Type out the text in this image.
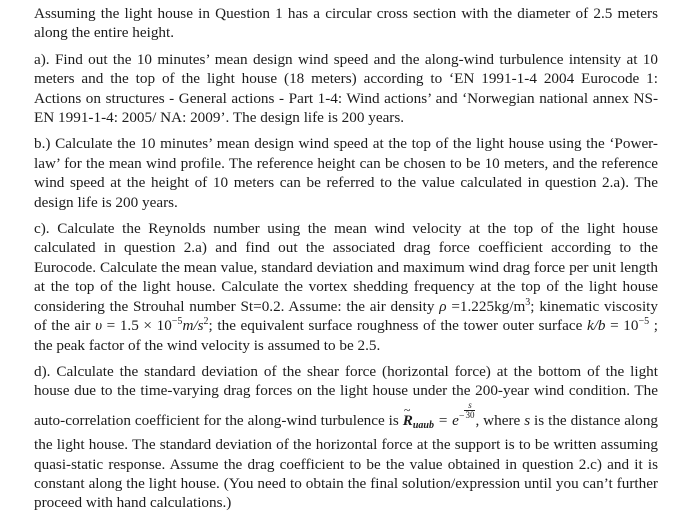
Assuming the light house in Question 1 has a circular cross section with the diameter of 2.5 meters along the entire height.

a). Find out the 10 minutes’ mean design wind speed and the along-wind turbulence intensity at 10 meters and the top of the light house (18 meters) according to ‘EN 1991-1-4 2004 Eurocode 1: Actions on structures - General actions - Part 1-4: Wind actions’ and ‘Norwegian national annex NS-EN 1991-1-4: 2005/ NA: 2009’. The design life is 200 years.

b.) Calculate the 10 minutes’ mean design wind speed at the top of the light house using the ‘Power-law’ for the mean wind profile. The reference height can be chosen to be 10 meters, and the reference wind speed at the height of 10 meters can be referred to the value calculated in question 2.a). The design life is 200 years.

c). Calculate the Reynolds number using the mean wind velocity at the top of the light house calculated in question 2.a) and find out the associated drag force coefficient according to the Eurocode. Calculate the mean value, standard deviation and maximum wind drag force per unit length at the top of the light house. Calculate the vortex shedding frequency at the top of the light house considering the Strouhal number St=0.2. Assume: the air density $\rho =1.225kg/m^3$; kinematic viscosity of the air $\upsilon = 1.5 \times 10^{-5}m/s^2$; the equivalent surface roughness of the tower outer surface $k/b = 10^{-5}$ ; the peak factor of the wind velocity is assumed to be 2.5.

d). Calculate the standard deviation of the shear force (horizontal force) at the bottom of the light house due to the time-varying drag forces on the light house under the 200-year wind condition. The auto-correlation coefficient for the along-wind turbulence is ~ Ruaub = $e^- \frac{s}{30}$
, where s is the distance along the light house. The standard deviation of the horizontal force at the support is to be written assuming quasi-static response. Assume the drag coefficient to be the value obtained in question 2.c) and it is constant along the light house. (You need to obtain the final solution/expression until you can’t further proceed with hand calculations.)
